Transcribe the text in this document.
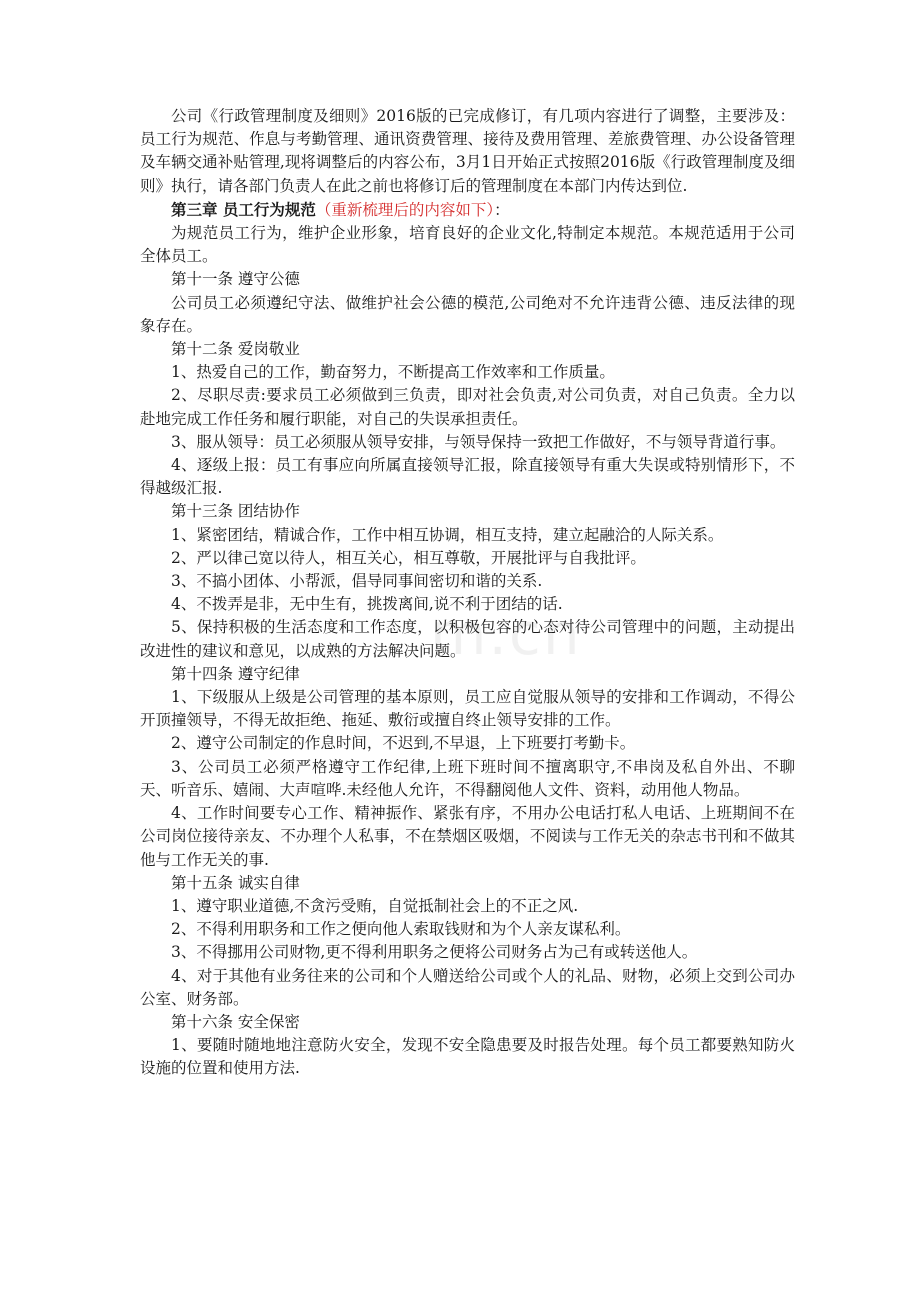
m.cn

公司《行政管理制度及细则》2016版的已完成修订，有几项内容进行了调整，主要涉及：员工行为规范、作息与考勤管理、通讯资费管理、接待及费用管理、差旅费管理、办公设备管理及车辆交通补贴管理,现将调整后的内容公布，3月1日开始正式按照2016版《行政管理制度及细则》执行，请各部门负责人在此之前也将修订后的管理制度在本部门内传达到位.

第三章 员工行为规范（重新梳理后的内容如下）：

为规范员工行为，维护企业形象，培育良好的企业文化,特制定本规范。本规范适用于公司全体员工。

第十一条 遵守公德

公司员工必须遵纪守法、做维护社会公德的模范,公司绝对不允许违背公德、违反法律的现象存在。

第十二条 爱岗敬业

1、热爱自己的工作，勤奋努力，不断提高工作效率和工作质量。

2、尽职尽责:要求员工必须做到三负责，即对社会负责,对公司负责，对自己负责。全力以赴地完成工作任务和履行职能，对自己的失误承担责任。

3、服从领导：员工必须服从领导安排，与领导保持一致把工作做好，不与领导背道行事。

4、逐级上报：员工有事应向所属直接领导汇报，除直接领导有重大失误或特别情形下，不得越级汇报.

第十三条 团结协作

1、紧密团结，精诚合作，工作中相互协调，相互支持，建立起融洽的人际关系。

2、严以律己宽以待人，相互关心，相互尊敬，开展批评与自我批评。

3、不搞小团体、小帮派，倡导同事间密切和谐的关系.

4、不拨弄是非，无中生有，挑拨离间,说不利于团结的话.

5、保持积极的生活态度和工作态度，以积极包容的心态对待公司管理中的问题，主动提出改进性的建议和意见，以成熟的方法解决问题。

第十四条 遵守纪律

1、下级服从上级是公司管理的基本原则，员工应自觉服从领导的安排和工作调动，不得公开顶撞领导，不得无故拒绝、拖延、敷衍或擅自终止领导安排的工作。

2、遵守公司制定的作息时间，不迟到,不早退，上下班要打考勤卡。

3、公司员工必须严格遵守工作纪律,上班下班时间不擅离职守,不串岗及私自外出、不聊天、听音乐、嬉闹、大声喧哗.未经他人允许，不得翻阅他人文件、资料，动用他人物品。

4、工作时间要专心工作、精神振作、紧张有序，不用办公电话打私人电话、上班期间不在公司岗位接待亲友、不办理个人私事，不在禁烟区吸烟，不阅读与工作无关的杂志书刊和不做其他与工作无关的事.

第十五条 诚实自律

1、遵守职业道德,不贪污受贿，自觉抵制社会上的不正之风.

2、不得利用职务和工作之便向他人索取钱财和为个人亲友谋私利。

3、不得挪用公司财物,更不得利用职务之便将公司财务占为己有或转送他人。

4、对于其他有业务往来的公司和个人赠送给公司或个人的礼品、财物，必须上交到公司办公室、财务部。

第十六条 安全保密

1、要随时随地地注意防火安全，发现不安全隐患要及时报告处理。每个员工都要熟知防火设施的位置和使用方法.
